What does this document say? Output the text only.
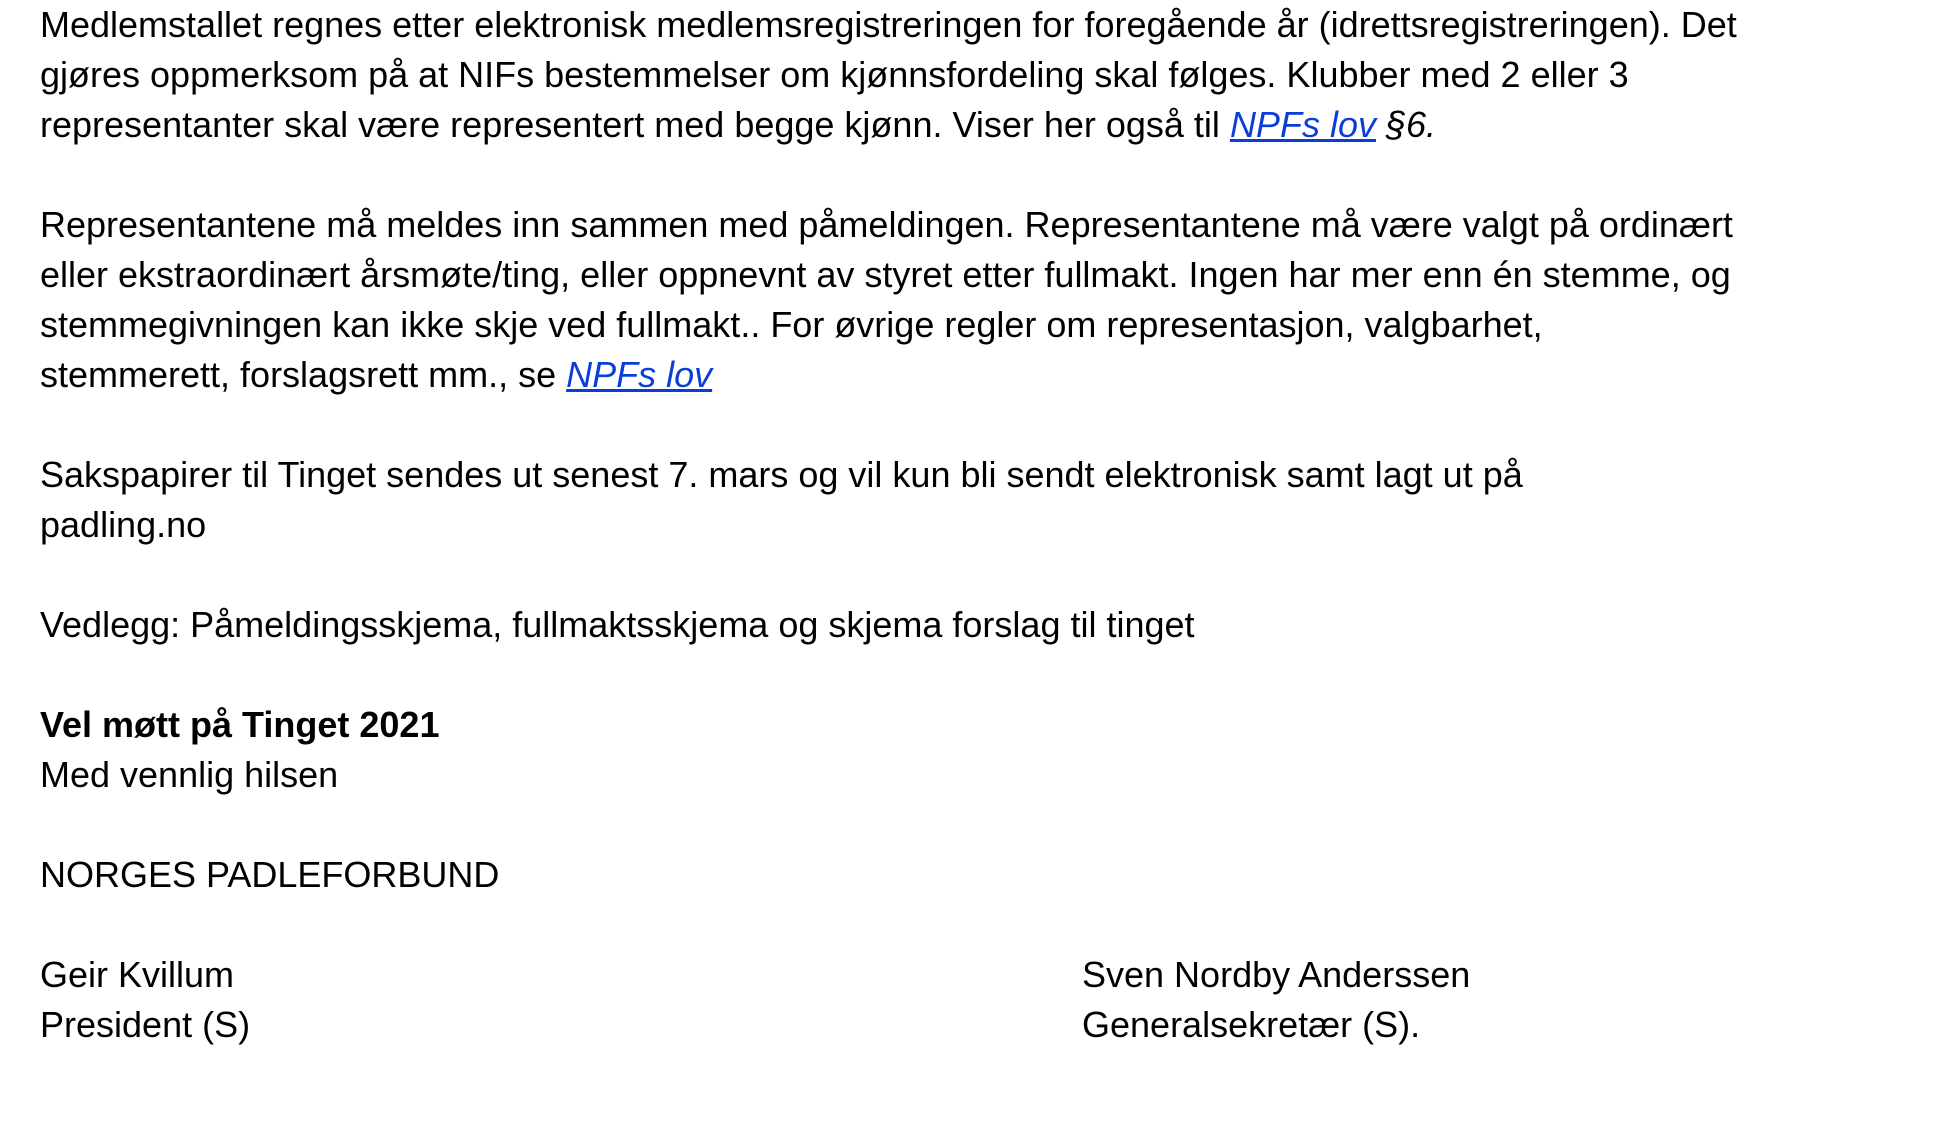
Medlemstallet regnes etter elektronisk medlemsregistreringen for foregående år (idrettsregistreringen). Det gjøres oppmerksom på at NIFs bestemmelser om kjønnsfordeling skal følges. Klubber med 2 eller 3 representanter skal være representert med begge kjønn. Viser her også til NPFs lov §6.

Representantene må meldes inn sammen med påmeldingen. Representantene må være valgt på ordinært eller ekstraordinært årsmøte/ting, eller oppnevnt av styret etter fullmakt. Ingen har mer enn én stemme, og stemmegivningen kan ikke skje ved fullmakt.. For øvrige regler om representasjon, valgbarhet, stemmerett, forslagsrett mm., se NPFs lov

Sakspapirer til Tinget sendes ut senest 7. mars og vil kun bli sendt elektronisk samt lagt ut på padling.no

Vedlegg: Påmeldingsskjema, fullmaktsskjema og skjema forslag til tinget

Vel møtt på Tinget 2021

Med vennlig hilsen

NORGES PADLEFORBUND

Geir Kvillum
President (S)
Sven Nordby Anderssen
Generalsekretær (S).
